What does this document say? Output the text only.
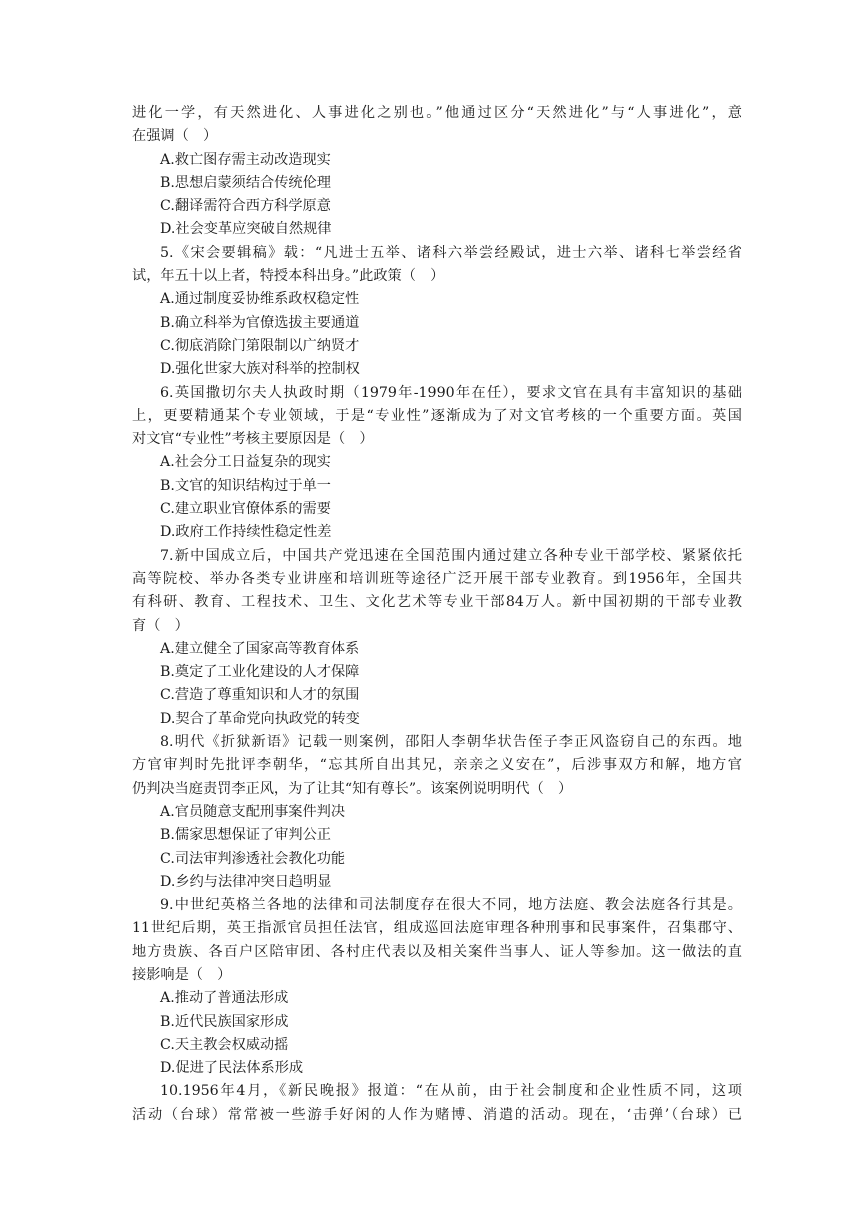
进化一学，有天然进化、人事进化之别也。”他通过区分“天然进化”与“人事进化”，意
在强调（　）
A.救亡图存需主动改造现实
B.思想启蒙须结合传统伦理
C.翻译需符合西方科学原意
D.社会变革应突破自然规律
5.《宋会要辑稿》载：“凡进士五举、诸科六举尝经殿试，进士六举、诸科七举尝经省
试，年五十以上者，特授本科出身。”此政策（　）
A.通过制度妥协维系政权稳定性
B.确立科举为官僚选拔主要通道
C.彻底消除门第限制以广纳贤才
D.强化世家大族对科举的控制权
6.英国撒切尔夫人执政时期（1979年-1990年在任），要求文官在具有丰富知识的基础
上，更要精通某个专业领域，于是“专业性”逐渐成为了对文官考核的一个重要方面。英国
对文官“专业性”考核主要原因是（　）
A.社会分工日益复杂的现实
B.文官的知识结构过于单一
C.建立职业官僚体系的需要
D.政府工作持续性稳定性差
7.新中国成立后，中国共产党迅速在全国范围内通过建立各种专业干部学校、紧紧依托
高等院校、举办各类专业讲座和培训班等途径广泛开展干部专业教育。到1956年，全国共
有科研、教育、工程技术、卫生、文化艺术等专业干部84万人。新中国初期的干部专业教
育（　）
A.建立健全了国家高等教育体系
B.奠定了工业化建设的人才保障
C.营造了尊重知识和人才的氛围
D.契合了革命党向执政党的转变
8.明代《折狱新语》记载一则案例，邵阳人李朝华状告侄子李正风盗窃自己的东西。地
方官审判时先批评李朝华，“忘其所自出其兄，亲亲之义安在”，后涉事双方和解，地方官
仍判决当庭责罚李正风，为了让其“知有尊长”。该案例说明明代（　）
A.官员随意支配刑事案件判决
B.儒家思想保证了审判公正
C.司法审判渗透社会教化功能
D.乡约与法律冲突日趋明显
9.中世纪英格兰各地的法律和司法制度存在很大不同，地方法庭、教会法庭各行其是。
11世纪后期，英王指派官员担任法官，组成巡回法庭审理各种刑事和民事案件，召集郡守、
地方贵族、各百户区陪审团、各村庄代表以及相关案件当事人、证人等参加。这一做法的直
接影响是（　）
A.推动了普通法形成
B.近代民族国家形成
C.天主教会权威动摇
D.促进了民法体系形成
10.1956年4月，《新民晚报》报道：“在从前，由于社会制度和企业性质不同，这项
活动（台球）常常被一些游手好闲的人作为赌博、消遣的活动。现在，‘击弹’（台球）已
